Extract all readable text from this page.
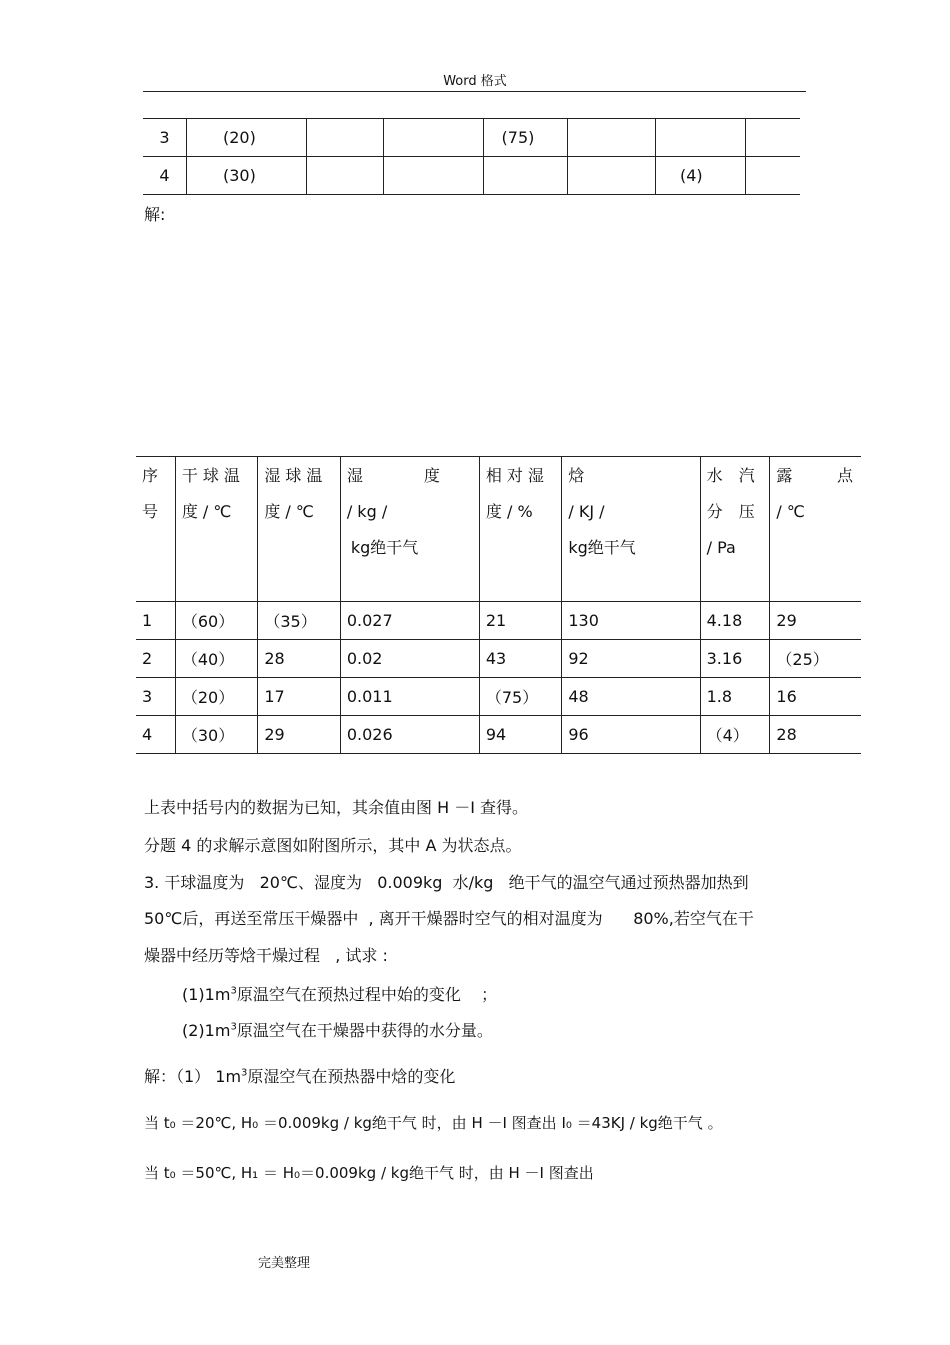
Word 格式
3	(20)			(75)			
4	(30)					(4)	
解:
序
号	干球温
度 / ℃	湿球温
度 / ℃	湿            度
/ kg /
kg绝干气	相对湿
度 / %	焓
/ KJ /
kg绝干气	水  汽
分  压
/ Pa	露      点
/ ℃

1	（60）	（35）	0.027	21	130	4.18	29
2	（40）	28	0.02	43	92	3.16	（25）
3	（20）	17	0.011	（75）	48	1.8	16
4	（30）	29	0.026	94	96	（4）	28
上表中括号内的数据为已知，其余值由图 H －I 查得。
分题 4 的求解示意图如附图所示，其中 A 为状态点。
3. 干球温度为   20℃、湿度为   0.009kg  水/kg   绝干气的温空气通过预热器加热到
50℃后，再送至常压干燥器中  , 离开干燥器时空气的相对温度为      80%,若空气在干
燥器中经历等焓干燥过程   , 试求 :
$(1)1m^3$原温空气在预热过程中始的变化    ；
$(2)1m^3$原温空气在干燥器中获得的水分量。
解：（1） $1m^3$原湿空气在预热器中焓的变化
当 t₀ ＝20℃, H₀ ＝0.009kg / kg绝干气 时，由 H －I 图查出 I₀ ＝43KJ / kg绝干气 。
当 t₀ ＝50℃, H₁ ＝ H₀＝0.009kg / kg绝干气 时，由 H －I 图查出
完美整理
